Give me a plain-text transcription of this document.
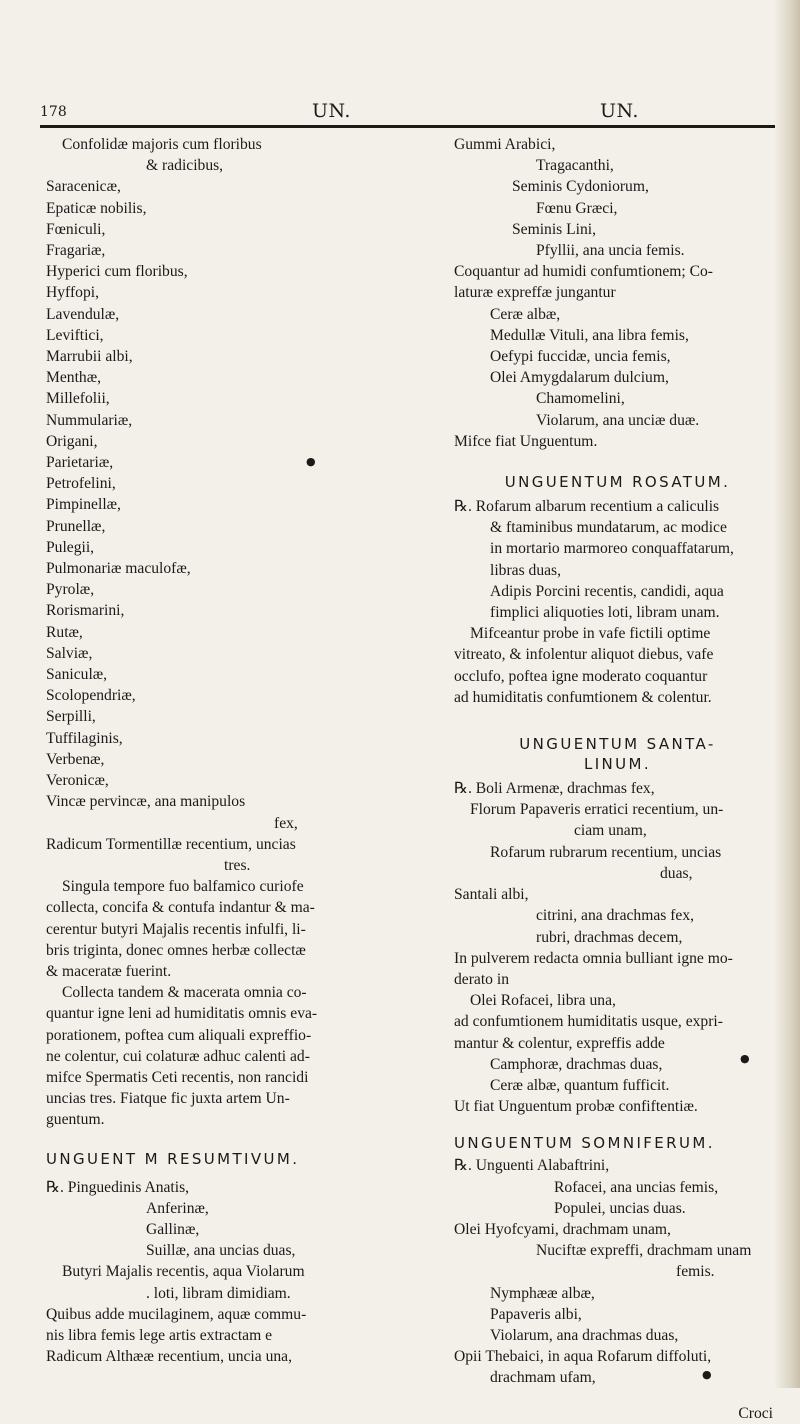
178	UN.	UN.
Confolidæ majoris cum floribus
& radicibus,
Saracenicæ,
Epaticæ nobilis,
Fœniculi,
Fragariæ,
Hyperici cum floribus,
Hyffopi,
Lavendulæ,
Leviftici,
Marrubii albi,
Menthæ,
Millefolii,
Nummulariæ,
Origani,
Parietariæ,
Petrofelini,
Pimpinellæ,
Prunellæ,
Pulegii,
Pulmonariæ maculofæ,
Pyrolæ,
Rorismarini,
Rutæ,
Salviæ,
Saniculæ,
Scolopendriæ,
Serpilli,
Tuffilaginis,
Verbenæ,
Veronicæ,
Vincæ pervincæ, ana manipulos
fex,
Radicum Tormentillæ recentium, uncias
tres.
Singula tempore fuo balfamico curiofe
collecta, concifa & contufa indantur & ma-
cerentur butyri Majalis recentis infulfi, li-
bris triginta, donec omnes herbæ collectæ
& maceratæ fuerint.
Collecta tandem & macerata omnia co-
quantur igne leni ad humiditatis omnis eva-
porationem, poftea cum aliquali expreffio-
ne colentur, cui colaturæ adhuc calenti ad-
mifce Spermatis Ceti recentis, non rancidi
uncias tres. Fiatque fic juxta artem Un-
guentum.
UNGUENT M RESUMTIVUM.
℞. Pinguedinis Anatis,
Anferinæ,
Gallinæ,
Suillæ, ana uncias duas,
Butyri Majalis recentis, aqua Violarum
. loti, libram dimidiam.
Quibus adde mucilaginem, aquæ commu-
nis libra femis lege artis extractam e
Radicum Althææ recentium, uncia una,
Gummi Arabici,
Tragacanthi,
Seminis Cydoniorum,
Fœnu Græci,
Seminis Lini,
Pfyllii, ana uncia femis.
Coquantur ad humidi confumtionem; Co-
laturæ expreffæ jungantur
Ceræ albæ,
Medullæ Vituli, ana libra femis,
Oefypi fuccidæ, uncia femis,
Olei Amygdalarum dulcium,
Chamomelini,
Violarum, ana unciæ duæ.
Mifce fiat Unguentum.
UNGUENTUM ROSATUM.
℞. Rofarum albarum recentium a caliculis
& ftaminibus mundatarum, ac modice
in mortario marmoreo conquaffatarum,
libras duas,
Adipis Porcini recentis, candidi, aqua
fimplici aliquoties loti, libram unam.
Mifceantur probe in vafe fictili optime
vitreato, & infolentur aliquot diebus, vafe
occlufo, poftea igne moderato coquantur
ad humiditatis confumtionem & colentur.
UNGUENTUM SANTA-
LINUM.
℞. Boli Armenæ, drachmas fex,
Florum Papaveris erratici recentium, un-
ciam unam,
Rofarum rubrarum recentium, uncias
duas,
Santali albi,
citrini, ana drachmas fex,
rubri, drachmas decem,
In pulverem redacta omnia bulliant igne mo-
derato in
Olei Rofacei, libra una,
ad confumtionem humiditatis usque, expri-
mantur & colentur, expreffis adde
Camphoræ, drachmas duas,
Ceræ albæ, quantum fufficit.
Ut fiat Unguentum probæ confiftentiæ.
UNGUENTUM SOMNIFERUM.
℞. Unguenti Alabaftrini,
Rofacei, ana uncias femis,
Populei, uncias duas.
Olei Hyofcyami, drachmam unam,
Nuciftæ expreffi, drachmam unam
femis.
Nymphææ albæ,
Papaveris albi,
Violarum, ana drachmas duas,
Opii Thebaici, in aqua Rofarum diffoluti,
drachmam ufam,
Croci
●
●
●
